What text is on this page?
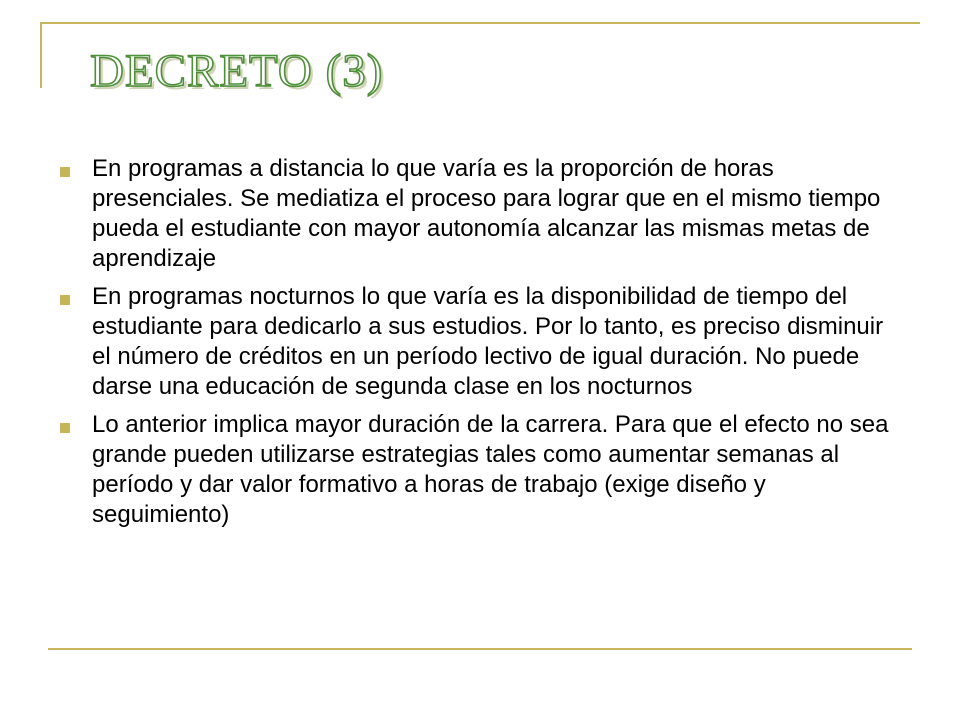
DECRETO (3)
En programas a distancia lo que varía es la proporción de horas presenciales. Se mediatiza el proceso para lograr que en el mismo tiempo pueda el estudiante con mayor autonomía alcanzar las mismas metas de aprendizaje
En programas nocturnos lo que varía es la disponibilidad de tiempo del estudiante para dedicarlo a sus estudios. Por lo tanto, es preciso disminuir el número de créditos en un período lectivo de igual duración. No puede darse una educación de segunda clase en los nocturnos
Lo anterior implica mayor duración de la carrera. Para que el efecto no sea grande pueden utilizarse estrategias tales como aumentar semanas al período y dar valor formativo a horas de trabajo (exige diseño y seguimiento)
